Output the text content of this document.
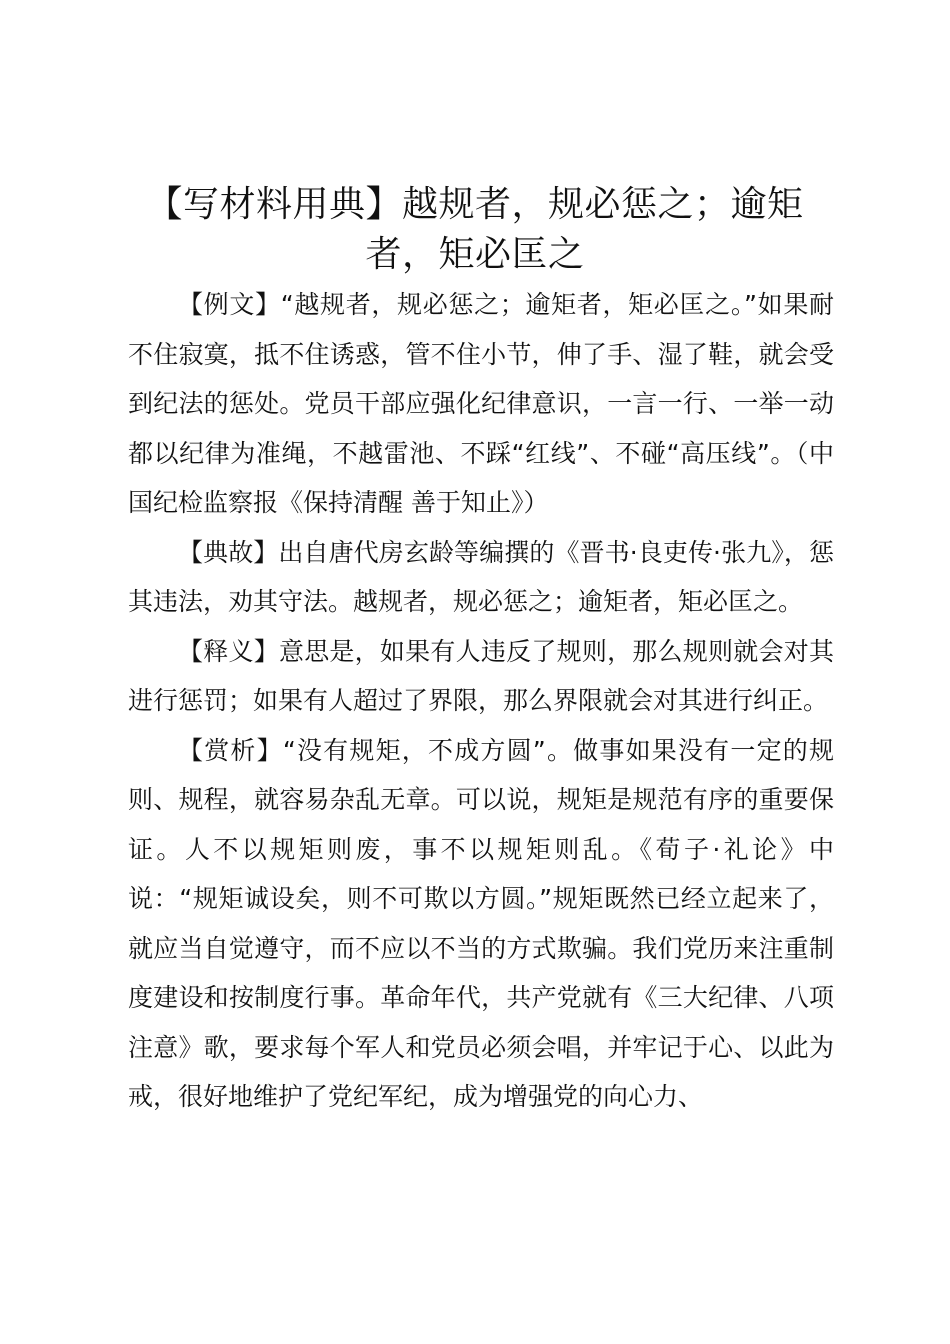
【写材料用典】越规者，规必惩之；逾矩者，矩必匡之

【例文】“越规者，规必惩之；逾矩者，矩必匡之。”如果耐不住寂寞，抵不住诱惑，管不住小节，伸了手、湿了鞋，就会受到纪法的惩处。党员干部应强化纪律意识，一言一行、一举一动都以纪律为准绳，不越雷池、不踩“红线”、不碰“高压线”。（中国纪检监察报《保持清醒 善于知止》）

【典故】出自唐代房玄龄等编撰的《晋书·良吏传·张九》，惩其违法，劝其守法。越规者，规必惩之；逾矩者，矩必匡之。

【释义】意思是，如果有人违反了规则，那么规则就会对其进行惩罚；如果有人超过了界限，那么界限就会对其进行纠正。

【赏析】“没有规矩，不成方圆”。做事如果没有一定的规则、规程，就容易杂乱无章。可以说，规矩是规范有序的重要保证。人不以规矩则废，事不以规矩则乱。《荀子·礼论》中说：“规矩诚设矣，则不可欺以方圆。”规矩既然已经立起来了，就应当自觉遵守，而不应以不当的方式欺骗。我们党历来注重制度建设和按制度行事。革命年代，共产党就有《三大纪律、八项注意》歌，要求每个军人和党员必须会唱，并牢记于心、以此为戒，很好地维护了党纪军纪，成为增强党的向心力、
